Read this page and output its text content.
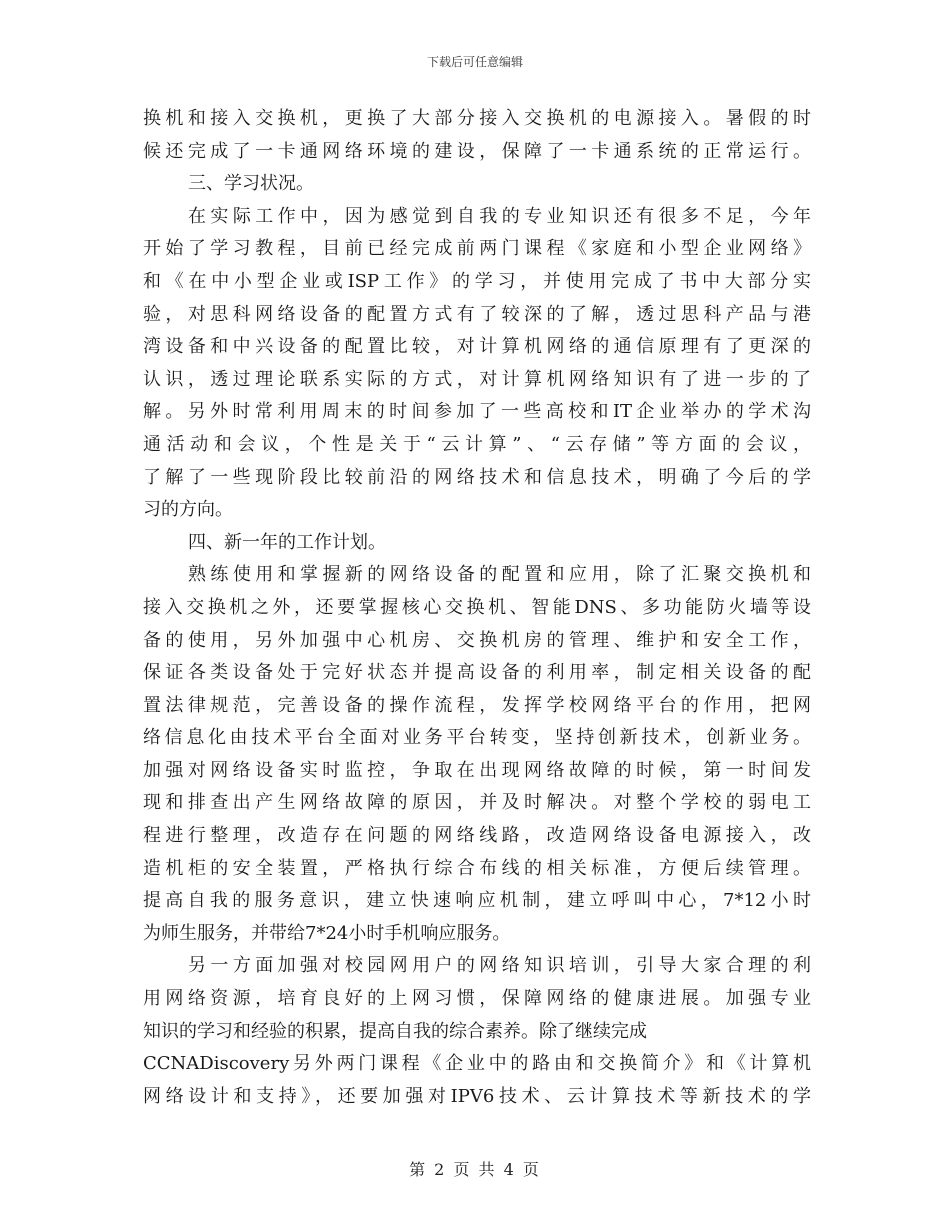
下载后可任意编辑
换机和接入交换机，更换了大部分接入交换机的电源接入。暑假的时
候还完成了一卡通网络环境的建设，保障了一卡通系统的正常运行。
三、学习状况。
在实际工作中，因为感觉到自我的专业知识还有很多不足，今年
开始了学习教程，目前已经完成前两门课程《家庭和小型企业网络》
和《在中小型企业或ISP工作》的学习，并使用完成了书中大部分实
验，对思科网络设备的配置方式有了较深的了解，透过思科产品与港
湾设备和中兴设备的配置比较，对计算机网络的通信原理有了更深的
认识，透过理论联系实际的方式，对计算机网络知识有了进一步的了
解。另外时常利用周末的时间参加了一些高校和IT企业举办的学术沟
通活动和会议，个性是关于“云计算”、“云存储”等方面的会议，
了解了一些现阶段比较前沿的网络技术和信息技术，明确了今后的学
习的方向。
四、新一年的工作计划。
熟练使用和掌握新的网络设备的配置和应用，除了汇聚交换机和
接入交换机之外，还要掌握核心交换机、智能DNS、多功能防火墙等设
备的使用，另外加强中心机房、交换机房的管理、维护和安全工作，
保证各类设备处于完好状态并提高设备的利用率，制定相关设备的配
置法律规范，完善设备的操作流程，发挥学校网络平台的作用，把网
络信息化由技术平台全面对业务平台转变，坚持创新技术，创新业务。
加强对网络设备实时监控，争取在出现网络故障的时候，第一时间发
现和排查出产生网络故障的原因，并及时解决。对整个学校的弱电工
程进行整理，改造存在问题的网络线路，改造网络设备电源接入，改
造机柜的安全装置，严格执行综合布线的相关标准，方便后续管理。
提高自我的服务意识，建立快速响应机制，建立呼叫中心，7*12小时
为师生服务，并带给7*24小时手机响应服务。
另一方面加强对校园网用户的网络知识培训，引导大家合理的利
用网络资源，培育良好的上网习惯，保障网络的健康进展。加强专业
知识的学习和经验的积累，提高自我的综合素养。除了继续完成
CCNADiscovery另外两门课程《企业中的路由和交换简介》和《计算机
网络设计和支持》，还要加强对IPV6技术、云计算技术等新技术的学
第 2 页 共 4 页
